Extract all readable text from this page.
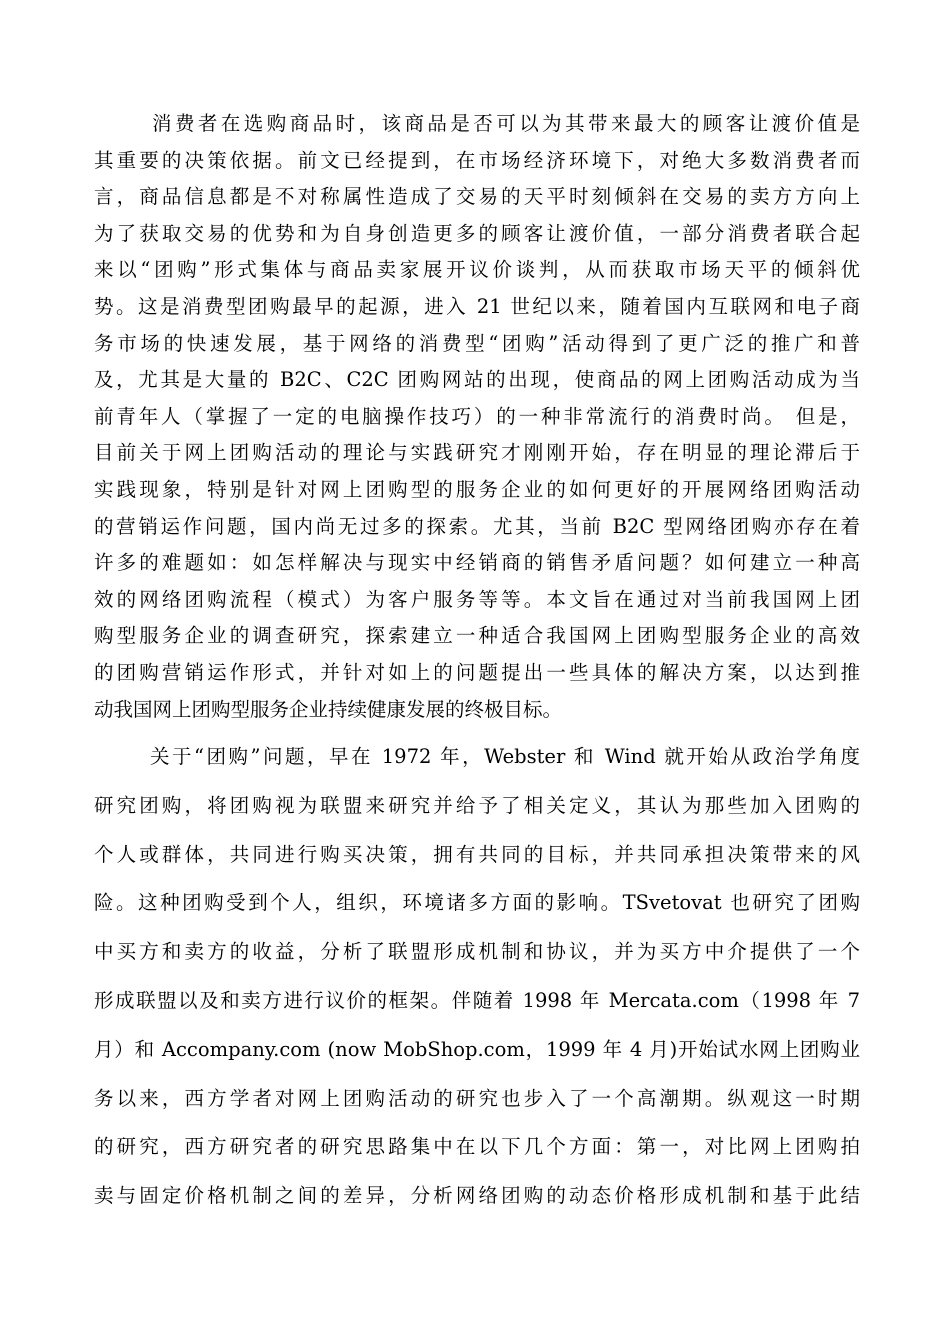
消费者在选购商品时，该商品是否可以为其带来最大的顾客让渡价值是
其重要的决策依据。前文已经提到，在市场经济环境下，对绝大多数消费者而
言，商品信息都是不对称属性造成了交易的天平时刻倾斜在交易的卖方方向上
为了获取交易的优势和为自身创造更多的顾客让渡价值，一部分消费者联合起
来以“团购”形式集体与商品卖家展开议价谈判，从而获取市场天平的倾斜优
势。这是消费型团购最早的起源，进入 21 世纪以来，随着国内互联网和电子商
务市场的快速发展，基于网络的消费型“团购”活动得到了更广泛的推广和普
及，尤其是大量的 B2C、C2C 团购网站的出现，使商品的网上团购活动成为当
前青年人（掌握了一定的电脑操作技巧）的一种非常流行的消费时尚。 但是，
目前关于网上团购活动的理论与实践研究才刚刚开始，存在明显的理论滞后于
实践现象，特别是针对网上团购型的服务企业的如何更好的开展网络团购活动
的营销运作问题，国内尚无过多的探索。尤其，当前 B2C 型网络团购亦存在着
许多的难题如：如怎样解决与现实中经销商的销售矛盾问题？如何建立一种高
效的网络团购流程（模式）为客户服务等等。本文旨在通过对当前我国网上团
购型服务企业的调查研究，探索建立一种适合我国网上团购型服务企业的高效
的团购营销运作形式，并针对如上的问题提出一些具体的解决方案，以达到推
动我国网上团购型服务企业持续健康发展的终极目标。
关于“团购”问题，早在 1972 年，Webster 和 Wind 就开始从政治学角度
研究团购，将团购视为联盟来研究并给予了相关定义，其认为那些加入团购的
个人或群体，共同进行购买决策，拥有共同的目标，并共同承担决策带来的风
险。这种团购受到个人，组织，环境诸多方面的影响。TSvetovat 也研究了团购
中买方和卖方的收益，分析了联盟形成机制和协议，并为买方中介提供了一个
形成联盟以及和卖方进行议价的框架。伴随着 1998 年 Mercata.com（1998 年 7
月）和 Accompany.com (now MobShop.com，1999 年 4 月)开始试水网上团购业
务以来，西方学者对网上团购活动的研究也步入了一个高潮期。纵观这一时期
的研究，西方研究者的研究思路集中在以下几个方面：第一，对比网上团购拍
卖与固定价格机制之间的差异，分析网络团购的动态价格形成机制和基于此结
